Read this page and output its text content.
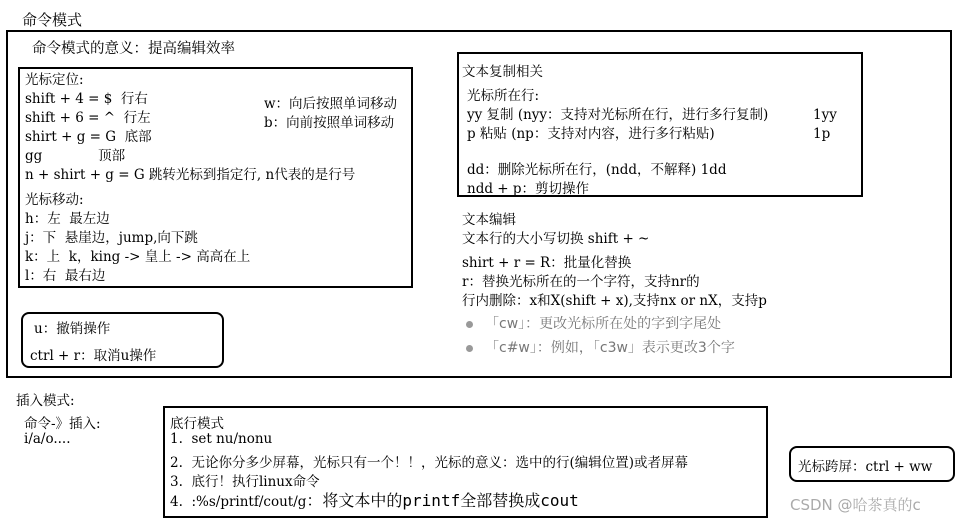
命令模式
命令模式的意义：提高编辑效率
光标定位:
shift + 4 = $  行右
shift + 6 = ^  行左
shirt + g = G  底部
gg             顶部
n + shirt + g = G 跳转光标到指定行, n代表的是行号
光标移动:
h：左  最左边
j：下  悬崖边，jump,向下跳
k：上  k，king -> 皇上 -> 高高在上
l：右  最右边
w：向后按照单词移动
b：向前按照单词移动
u：撤销操作
ctrl + r：取消u操作
文本复制相关
光标所在行:
yy 复制 (nyy：支持对光标所在行，进行多行复制)	1yy
p 粘贴 (np：支持对内容，进行多行粘贴)	1p
dd：删除光标所在行，(ndd，不解释) 1dd
ndd + p：剪切操作
文本编辑
文本行的大小写切换 shift + ~
shirt + r = R：批量化替换
r：替换光标所在的一个字符，支持nr的
行内删除：x和X(shift + x),支持nx or nX，支持p
「cw」：更改光标所在处的字到字尾处
「c#w」：例如，「c3w」表示更改3个字
插入模式:
命令-》插入:
i/a/o....
底行模式
1.  set nu/nonu
2.  无论你分多少屏幕，光标只有一个！！，光标的意义：选中的行(编辑位置)或者屏幕
3.  底行！执行linux命令
4.  :%s/printf/cout/g：将文本中的printf全部替换成cout
光标跨屏：ctrl + ww
CSDN @哈茶真的c
